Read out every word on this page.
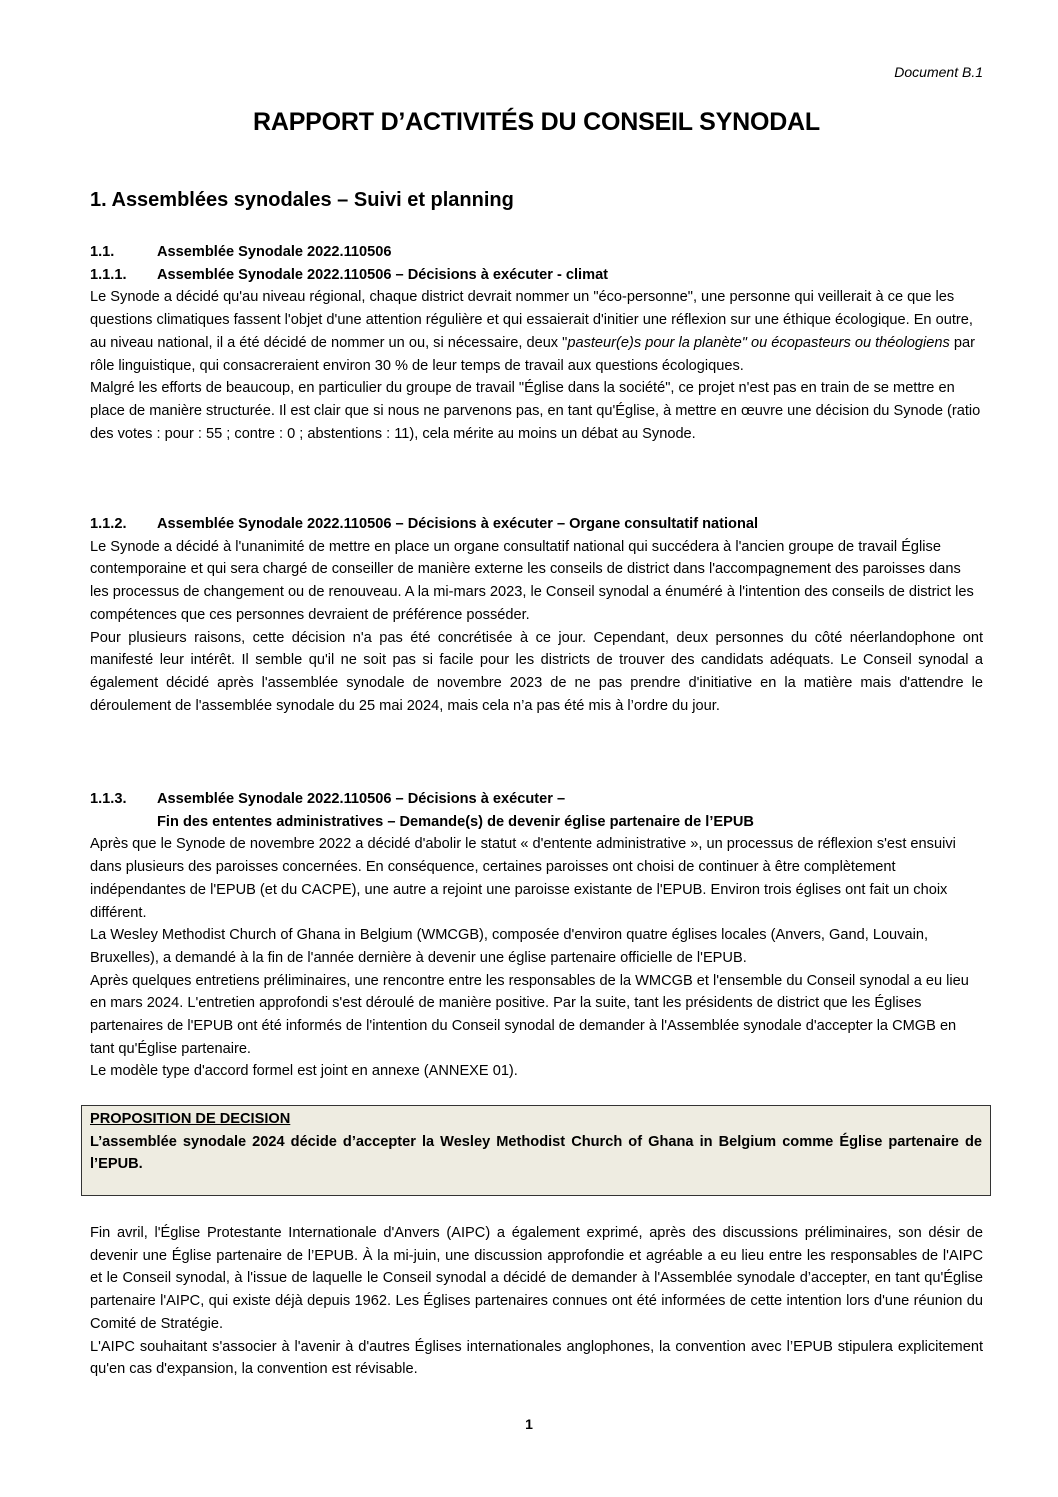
Document B.1
RAPPORT D’ACTIVITÉS DU CONSEIL SYNODAL
1. Assemblées synodales – Suivi et planning
1.1.	Assemblée Synodale 2022.110506
1.1.1.	Assemblée Synodale 2022.110506 – Décisions à exécuter - climat

Le Synode a décidé qu'au niveau régional, chaque district devrait nommer un "éco-personne", une personne qui veillerait à ce que les questions climatiques fassent l'objet d'une attention régulière et qui essaierait d'initier une réflexion sur une éthique écologique. En outre, au niveau national, il a été décidé de nommer un ou, si nécessaire, deux "pasteur(e)s pour la planète" ou écopasteurs ou théologiens par rôle linguistique, qui consacreraient environ 30 % de leur temps de travail aux questions écologiques.

Malgré les efforts de beaucoup, en particulier du groupe de travail "Église dans la société", ce projet n'est pas en train de se mettre en place de manière structurée. Il est clair que si nous ne parvenons pas, en tant qu'Église, à mettre en œuvre une décision du Synode (ratio des votes : pour : 55 ; contre : 0 ; abstentions : 11), cela mérite au moins un débat au Synode.

1.1.2.	Assemblée Synodale 2022.110506 – Décisions à exécuter – Organe consultatif national

Le Synode a décidé à l'unanimité de mettre en place un organe consultatif national qui succédera à l'ancien groupe de travail Église contemporaine et qui sera chargé de conseiller de manière externe les conseils de district dans l'accompagnement des paroisses dans les processus de changement ou de renouveau. A la mi-mars 2023, le Conseil synodal a énuméré à l'intention des conseils de district les compétences que ces personnes devraient de préférence posséder.

Pour plusieurs raisons, cette décision n'a pas été concrétisée à ce jour. Cependant, deux personnes du côté néerlandophone ont manifesté leur intérêt. Il semble qu'il ne soit pas si facile pour les districts de trouver des candidats adéquats. Le Conseil synodal a également décidé après l'assemblée synodale de novembre 2023 de ne pas prendre d'initiative en la matière mais d'attendre le déroulement de l'assemblée synodale du 25 mai 2024, mais cela n’a pas été mis à l’ordre du jour.

1.1.3.	Assemblée Synodale 2022.110506 – Décisions à exécuter –
Fin des ententes administratives – Demande(s) de devenir église partenaire de l’EPUB

Après que le Synode de novembre 2022 a décidé d'abolir le statut « d'entente administrative », un processus de réflexion s'est ensuivi dans plusieurs des paroisses concernées. En conséquence, certaines paroisses ont choisi de continuer à être complètement indépendantes de l'EPUB (et du CACPE), une autre a rejoint une paroisse existante de l'EPUB. Environ trois églises ont fait un choix différent.

La Wesley Methodist Church of Ghana in Belgium (WMCGB), composée d'environ quatre églises locales (Anvers, Gand, Louvain, Bruxelles), a demandé à la fin de l'année dernière à devenir une église partenaire officielle de l'EPUB.

Après quelques entretiens préliminaires, une rencontre entre les responsables de la WMCGB et l'ensemble du Conseil synodal a eu lieu en mars 2024. L'entretien approfondi s'est déroulé de manière positive. Par la suite, tant les présidents de district que les Églises partenaires de l'EPUB ont été informés de l'intention du Conseil synodal de demander à l'Assemblée synodale d'accepter la CMGB en tant qu'Église partenaire.

Le modèle type d'accord formel est joint en annexe (ANNEXE 01).

PROPOSITION DE DECISION
L’assemblée synodale 2024 décide d’accepter la Wesley Methodist Church of Ghana in Belgium comme Église partenaire de l’EPUB.

Fin avril, l'Église Protestante Internationale d'Anvers (AIPC) a également exprimé, après des discussions préliminaires, son désir de devenir une Église partenaire de l’EPUB. À la mi-juin, une discussion approfondie et agréable a eu lieu entre les responsables de l'AIPC et le Conseil synodal, à l'issue de laquelle le Conseil synodal a décidé de demander à l'Assemblée synodale d’accepter, en tant qu'Église partenaire l'AIPC, qui existe déjà depuis 1962. Les Églises partenaires connues ont été informées de cette intention lors d'une réunion du Comité de Stratégie.

L'AIPC souhaitant s'associer à l'avenir à d'autres Églises internationales anglophones, la convention avec l’EPUB stipulera explicitement qu'en cas d'expansion, la convention est révisable.

1
